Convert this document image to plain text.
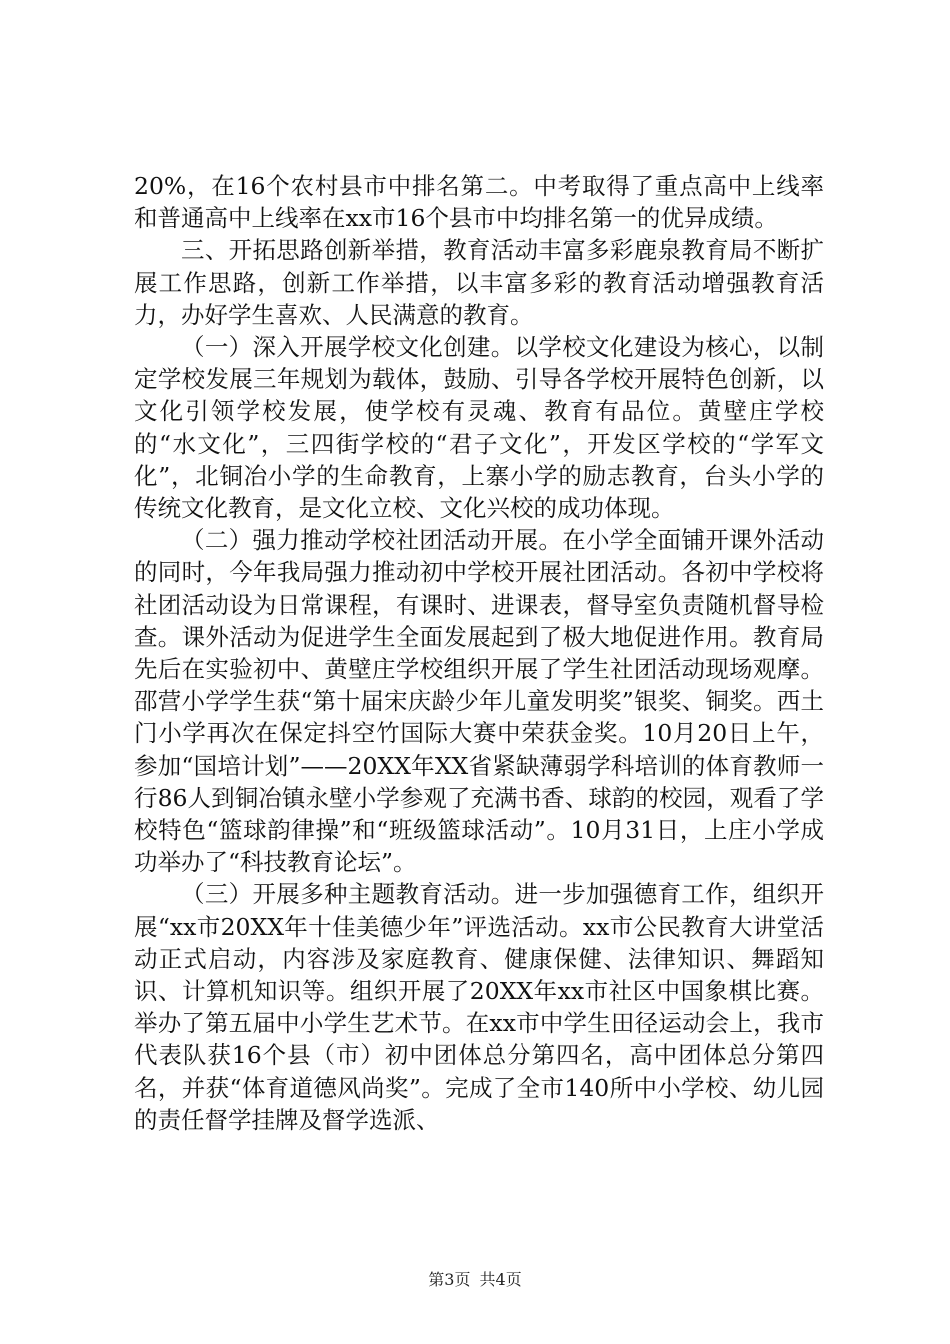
20%，在16个农村县市中排名第二。中考取得了重点高中上线率和普通高中上线率在xx市16个县市中均排名第一的优异成绩。

三、开拓思路创新举措，教育活动丰富多彩鹿泉教育局不断扩展工作思路，创新工作举措，以丰富多彩的教育活动增强教育活力，办好学生喜欢、人民满意的教育。

（一）深入开展学校文化创建。以学校文化建设为核心，以制定学校发展三年规划为载体，鼓励、引导各学校开展特色创新，以文化引领学校发展，使学校有灵魂、教育有品位。黄壁庄学校的“水文化”，三四街学校的“君子文化”，开发区学校的“学军文化”，北铜冶小学的生命教育，上寨小学的励志教育，台头小学的传统文化教育，是文化立校、文化兴校的成功体现。

（二）强力推动学校社团活动开展。在小学全面铺开课外活动的同时，今年我局强力推动初中学校开展社团活动。各初中学校将社团活动设为日常课程，有课时、进课表，督导室负责随机督导检查。课外活动为促进学生全面发展起到了极大地促进作用。教育局先后在实验初中、黄壁庄学校组织开展了学生社团活动现场观摩。邵营小学学生获“第十届宋庆龄少年儿童发明奖”银奖、铜奖。西土门小学再次在保定抖空竹国际大赛中荣获金奖。10月20日上午，参加“国培计划”——20XX年XX省紧缺薄弱学科培训的体育教师一行86人到铜冶镇永壁小学参观了充满书香、球韵的校园，观看了学校特色“篮球韵律操”和“班级篮球活动”。10月31日，上庄小学成功举办了“科技教育论坛”。

（三）开展多种主题教育活动。进一步加强德育工作，组织开展“xx市20XX年十佳美德少年”评选活动。xx市公民教育大讲堂活动正式启动，内容涉及家庭教育、健康保健、法律知识、舞蹈知识、计算机知识等。组织开展了20XX年xx市社区中国象棋比赛。举办了第五届中小学生艺术节。在xx市中学生田径运动会上，我市代表队获16个县（市）初中团体总分第四名，高中团体总分第四名，并获“体育道德风尚奖”。完成了全市140所中小学校、幼儿园的责任督学挂牌及督学选派、

第3页 共4页
